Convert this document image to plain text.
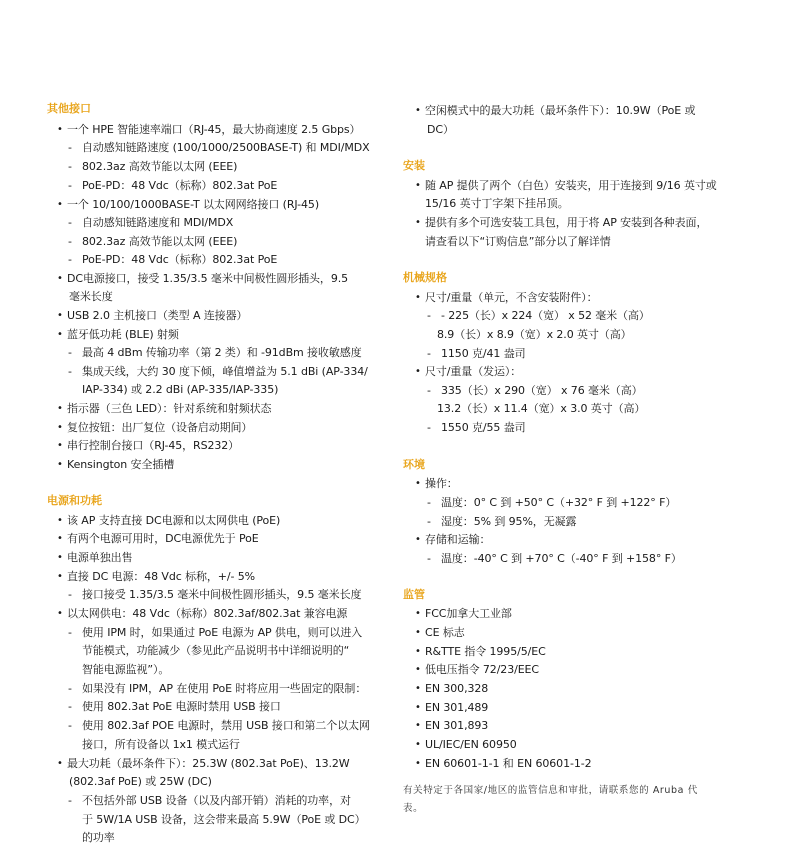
其他接口
• 一个 HPE 智能速率端口（RJ-45，最大协商速度 2.5 Gbps）
- 自动感知链路速度 (100/1000/2500BASE-T) 和 MDI/MDX
- 802.3az 高效节能以太网 (EEE)
- PoE-PD：48 Vdc（标称）802.3at PoE
• 一个 10/100/1000BASE-T 以太网网络接口 (RJ-45)
- 自动感知链路速度和 MDI/MDX
- 802.3az 高效节能以太网 (EEE)
- PoE-PD：48 Vdc（标称）802.3at PoE
• DC电源接口，接受 1.35/3.5 毫米中间极性圆形插头，9.5
毫米长度
• USB 2.0 主机接口（类型 A 连接器）
• 蓝牙低功耗 (BLE) 射频
- 最高 4 dBm 传输功率（第 2 类）和 -91dBm 接收敏感度
- 集成天线，大约 30 度下倾，峰值增益为 5.1 dBi (AP-334/
IAP-334) 或 2.2 dBi (AP-335/IAP-335)
• 指示器（三色 LED）：针对系统和射频状态
• 复位按钮：出厂复位（设备启动期间）
• 串行控制台接口（RJ-45，RS232）
• Kensington 安全插槽
电源和功耗
• 该 AP 支持直接 DC电源和以太网供电 (PoE)
• 有两个电源可用时，DC电源优先于 PoE
• 电源单独出售
• 直接 DC 电源：48 Vdc 标称，+/- 5%
- 接口接受 1.35/3.5 毫米中间极性圆形插头，9.5 毫米长度
• 以太网供电：48 Vdc（标称）802.3af/802.3at 兼容电源
- 使用 IPM 时，如果通过 PoE 电源为 AP 供电，则可以进入
节能模式，功能减少（参见此产品说明书中详细说明的“
智能电源监视”）。
- 如果没有 IPM，AP 在使用 PoE 时将应用一些固定的限制：
- 使用 802.3at PoE 电源时禁用 USB 接口
- 使用 802.3af POE 电源时，禁用 USB 接口和第二个以太网
接口，所有设备以 1x1 模式运行
• 最大功耗（最坏条件下）：25.3W (802.3at PoE)、13.2W
(802.3af PoE) 或 25W (DC)
- 不包括外部 USB 设备（以及内部开销）消耗的功率，对
于 5W/1A USB 设备，这会带来最高 5.9W（PoE 或 DC）
的功率
• 空闲模式中的最大功耗（最坏条件下）：10.9W（PoE 或
DC）
安装
• 随 AP 提供了两个（白色）安装夹，用于连接到 9/16 英寸或
15/16 英寸丁字架下挂吊顶。
• 提供有多个可选安装工具包，用于将 AP 安装到各种表面，
请查看以下“订购信息”部分以了解详情
机械规格
• 尺寸/重量（单元，不含安装附件）：
- - 225（长）x 224（宽） x 52 毫米（高）
8.9（长）x 8.9（宽）x 2.0 英寸（高）
- 1150 克/41 盎司
• 尺寸/重量（发运）：
- 335（长）x 290（宽） x 76 毫米（高）
13.2（长）x 11.4（宽）x 3.0 英寸（高）
- 1550 克/55 盎司
环境
• 操作：
- 温度：0° C 到 +50° C（+32° F 到 +122° F）
- 湿度：5% 到 95%，无凝露
• 存储和运输：
- 温度：-40° C 到 +70° C（-40° F 到 +158° F）
监管
• FCC加拿大工业部
• CE 标志
• R&TTE 指令 1995/5/EC
• 低电压指令 72/23/EEC
• EN 300,328
• EN 301,489
• EN 301,893
• UL/IEC/EN 60950
• EN 60601-1-1 和 EN 60601-1-2
有关特定于各国家/地区的监管信息和审批，请联系您的 Aruba 代
表。
